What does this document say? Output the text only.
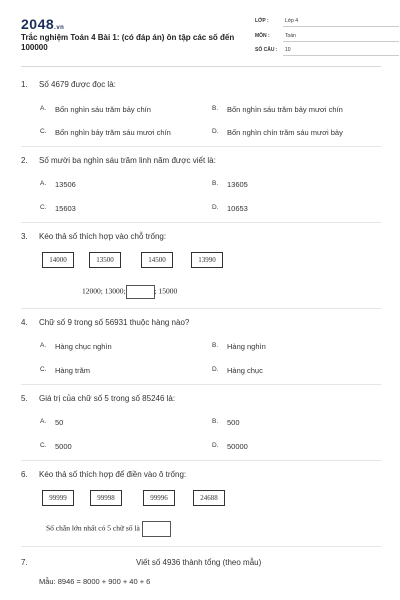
2048.vn
Trắc nghiệm Toán 4 Bài 1: (có đáp án) ôn tập các số đến 100000
LỚP :	Lớp 4
MÔN :	Toán
SỐ CÂU : 10
1. Số 4679 được đọc là:
A. Bốn nghìn sáu trăm bảy chín	B. Bốn nghìn sáu trăm bảy mươi chín
C. Bốn nghìn bảy trăm sáu mươi chín	D. Bốn nghìn chín trăm sáu mươi bảy
2. Số mười ba nghìn sáu trăm linh năm được viết là:
A. 13506	B. 13605
C. 15603	D. 10653
3. Kéo thả số thích hợp vào chỗ trống:
14000	13500	14500	13990
12000; 13000;	; 15000
4. Chữ số 9 trong số 56931 thuộc hàng nào?
A. Hàng chục nghìn	B. Hàng nghìn
C. Hàng trăm	D. Hàng chục
5. Giá trị của chữ số 5 trong số 85246 là:
A. 50	B. 500
C. 5000	D. 50000
6. Kéo thả số thích hợp để điền vào ô trống:
99999	99998	99996	24688
Số chẵn lớn nhất có 5 chữ số là
7.	Viết số 4936 thành tổng (theo mẫu)
Mẫu: 8946 = 8000 + 900 + 40 + 6
